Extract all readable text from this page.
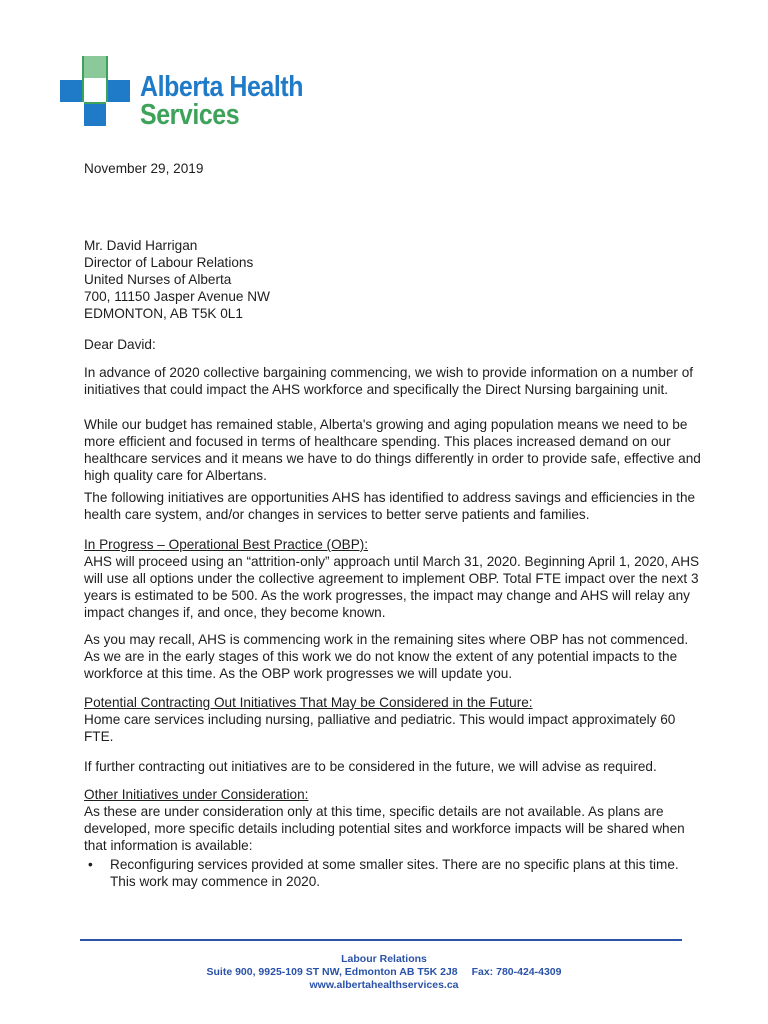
Alberta Health
Services
November 29, 2019
Mr. David Harrigan
Director of Labour Relations
United Nurses of Alberta
700, 11150 Jasper Avenue NW
EDMONTON, AB T5K 0L1
Dear David:
In advance of 2020 collective bargaining commencing, we wish to provide information on a number of initiatives that could impact the AHS workforce and specifically the Direct Nursing bargaining unit.
While our budget has remained stable, Alberta's growing and aging population means we need to be more efficient and focused in terms of healthcare spending. This places increased demand on our healthcare services and it means we have to do things differently in order to provide safe, effective and high quality care for Albertans.
The following initiatives are opportunities AHS has identified to address savings and efficiencies in the health care system, and/or changes in services to better serve patients and families.
In Progress – Operational Best Practice (OBP):
AHS will proceed using an “attrition-only” approach until March 31, 2020. Beginning April 1, 2020, AHS will use all options under the collective agreement to implement OBP. Total FTE impact over the next 3 years is estimated to be 500. As the work progresses, the impact may change and AHS will relay any impact changes if, and once, they become known.
As you may recall, AHS is commencing work in the remaining sites where OBP has not commenced. As we are in the early stages of this work we do not know the extent of any potential impacts to the workforce at this time. As the OBP work progresses we will update you.
Potential Contracting Out Initiatives That May be Considered in the Future:
Home care services including nursing, palliative and pediatric. This would impact approximately 60 FTE.
If further contracting out initiatives are to be considered in the future, we will advise as required.
Other Initiatives under Consideration:
As these are under consideration only at this time, specific details are not available. As plans are developed, more specific details including potential sites and workforce impacts will be shared when that information is available:
•	Reconfiguring services provided at some smaller sites. There are no specific plans at this time. This work may commence in 2020.
Labour Relations
Suite 900, 9925-109 ST NW, Edmonton AB T5K 2J8 Fax: 780-424-4309
www.albertahealthservices.ca
